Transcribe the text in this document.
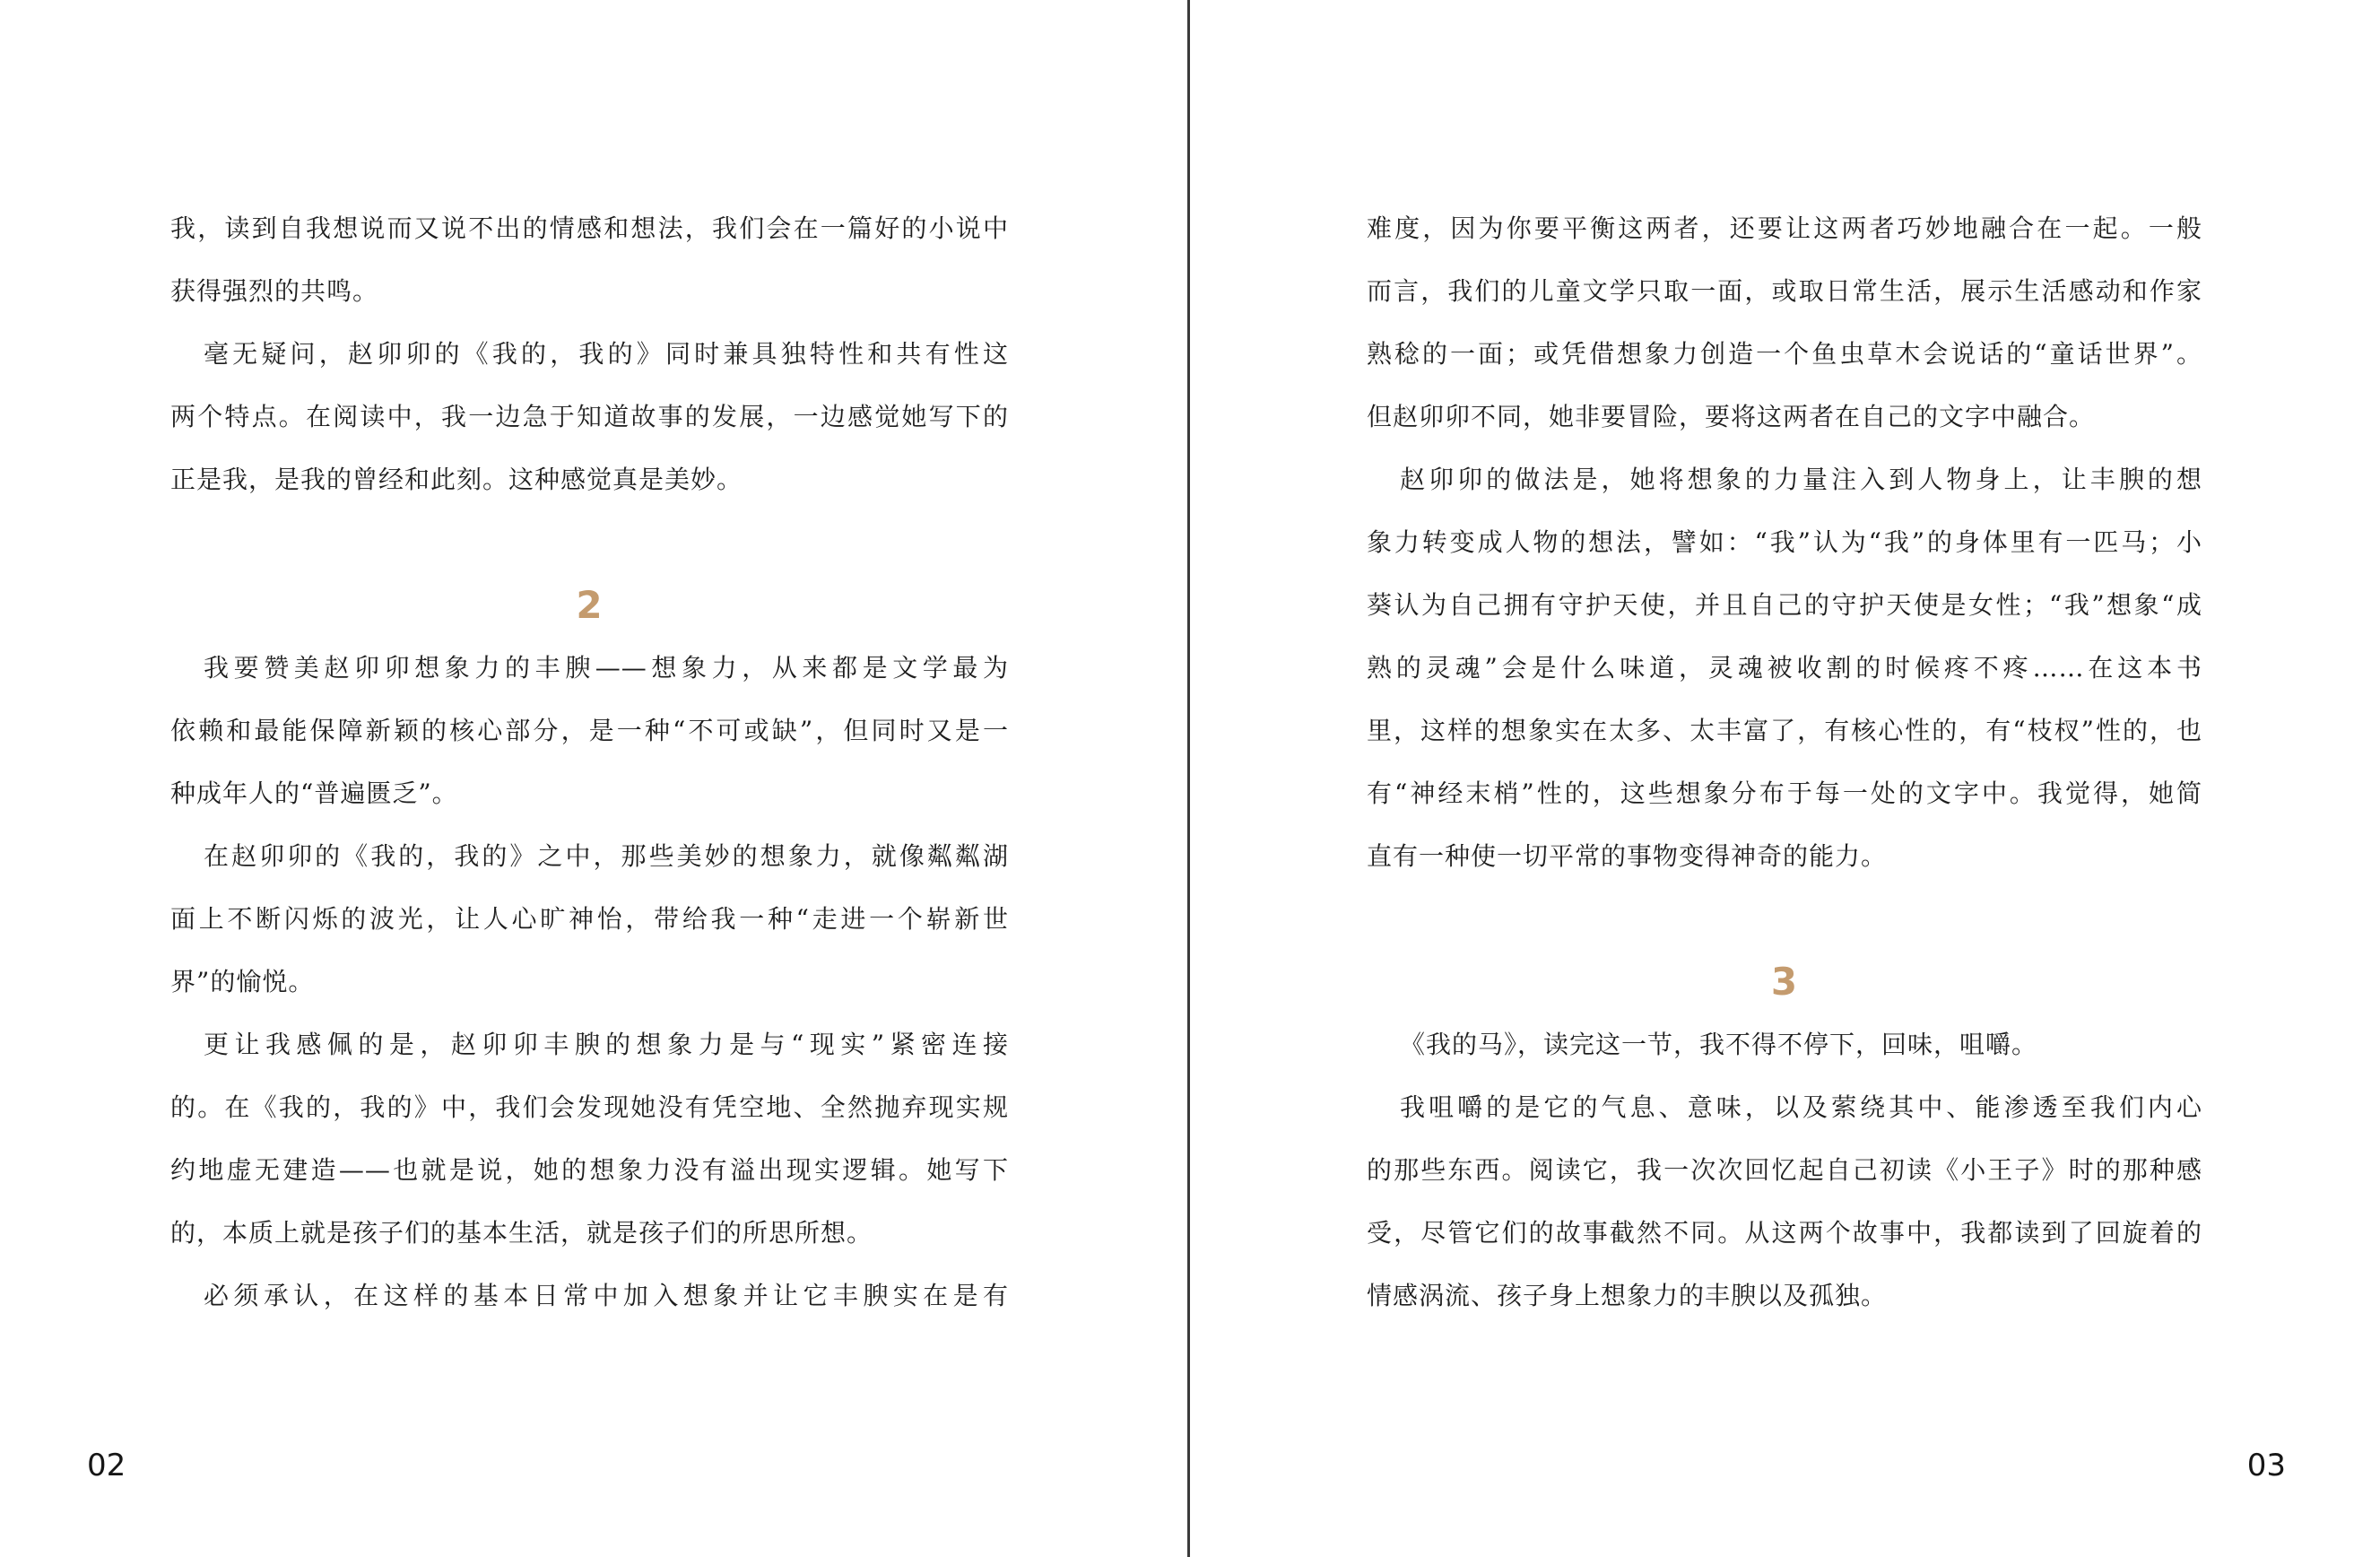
我，读到自我想说而又说不出的情感和想法，我们会在一篇好的小说中
获得强烈的共鸣。
毫无疑问，赵卯卯的《我的，我的》同时兼具独特性和共有性这
两个特点。在阅读中，我一边急于知道故事的发展，一边感觉她写下的
正是我，是我的曾经和此刻。这种感觉真是美妙。
2
我要赞美赵卯卯想象力的丰腴——想象力，从来都是文学最为
依赖和最能保障新颖的核心部分，是一种“不可或缺”，但同时又是一
种成年人的“普遍匮乏”。
在赵卯卯的《我的，我的》之中，那些美妙的想象力，就像粼粼湖
面上不断闪烁的波光，让人心旷神怡，带给我一种“走进一个崭新世
界”的愉悦。
更让我感佩的是，赵卯卯丰腴的想象力是与“现实”紧密连接
的。在《我的，我的》中，我们会发现她没有凭空地、全然抛弃现实规
约地虚无建造——也就是说，她的想象力没有溢出现实逻辑。她写下
的，本质上就是孩子们的基本生活，就是孩子们的所思所想。
必须承认，在这样的基本日常中加入想象并让它丰腴实在是有
02
难度，因为你要平衡这两者，还要让这两者巧妙地融合在一起。一般
而言，我们的儿童文学只取一面，或取日常生活，展示生活感动和作家
熟稔的一面；或凭借想象力创造一个鱼虫草木会说话的“童话世界”。
但赵卯卯不同，她非要冒险，要将这两者在自己的文字中融合。
赵卯卯的做法是，她将想象的力量注入到人物身上，让丰腴的想
象力转变成人物的想法，譬如：“我”认为“我”的身体里有一匹马；小
葵认为自己拥有守护天使，并且自己的守护天使是女性；“我”想象“成
熟的灵魂”会是什么味道，灵魂被收割的时候疼不疼……在这本书
里，这样的想象实在太多、太丰富了，有核心性的，有“枝杈”性的，也
有“神经末梢”性的，这些想象分布于每一处的文字中。我觉得，她简
直有一种使一切平常的事物变得神奇的能力。
3
《我的马》，读完这一节，我不得不停下，回味，咀嚼。
我咀嚼的是它的气息、意味，以及萦绕其中、能渗透至我们内心
的那些东西。阅读它，我一次次回忆起自己初读《小王子》时的那种感
受，尽管它们的故事截然不同。从这两个故事中，我都读到了回旋着的
情感涡流、孩子身上想象力的丰腴以及孤独。
03
